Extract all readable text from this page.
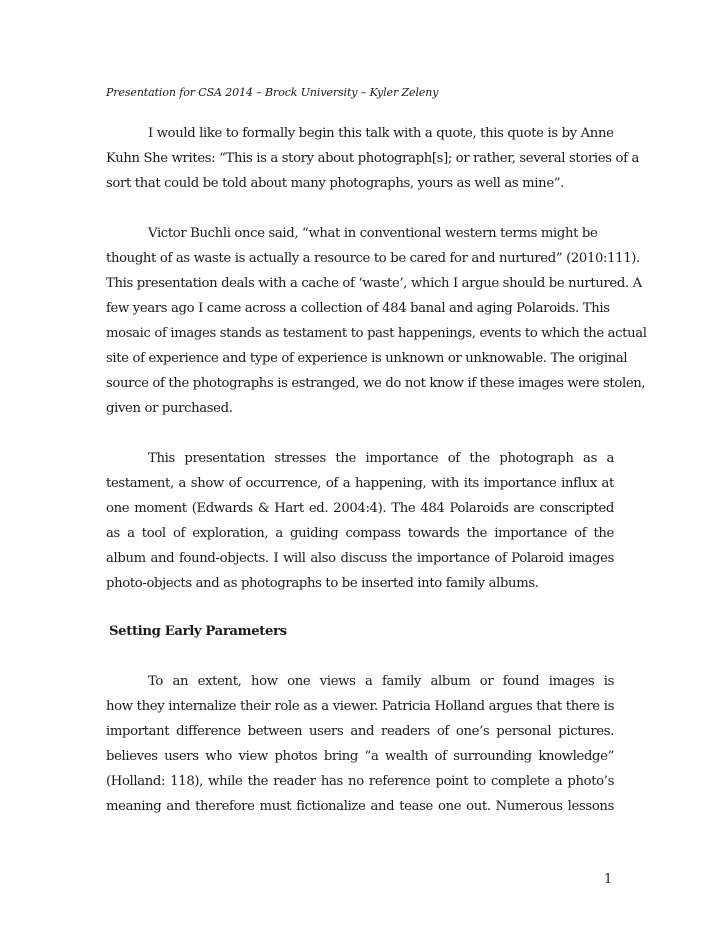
Presentation for CSA 2014 – Brock University – Kyler Zeleny
I would like to formally begin this talk with a quote, this quote is by Anne
Kuhn She writes: “This is a story about photograph[s]; or rather, several stories of a
sort that could be told about many photographs, yours as well as mine”.
Victor Buchli once said, “what in conventional western terms might be
thought of as waste is actually a resource to be cared for and nurtured” (2010:111).
This presentation deals with a cache of ‘waste’, which I argue should be nurtured. A
few years ago I came across a collection of 484 banal and aging Polaroids. This
mosaic of images stands as testament to past happenings, events to which the actual
site of experience and type of experience is unknown or unknowable. The original
source of the photographs is estranged, we do not know if these images were stolen,
given or purchased.
This presentation stresses the importance of the photograph as a
testament, a show of occurrence, of a happening, with its importance influx at
one moment (Edwards & Hart ed. 2004:4). The 484 Polaroids are conscripted
as a tool of exploration, a guiding compass towards the importance of the
album and found-objects. I will also discuss the importance of Polaroid images
photo-objects and as photographs to be inserted into family albums.
Setting Early Parameters
To an extent, how one views a family album or found images is
how they internalize their role as a viewer. Patricia Holland argues that there is
important difference between users and readers of one’s personal pictures.
believes users who view photos bring “a wealth of surrounding knowledge”
(Holland: 118), while the reader has no reference point to complete a photo’s
meaning and therefore must fictionalize and tease one out. Numerous lessons
1
